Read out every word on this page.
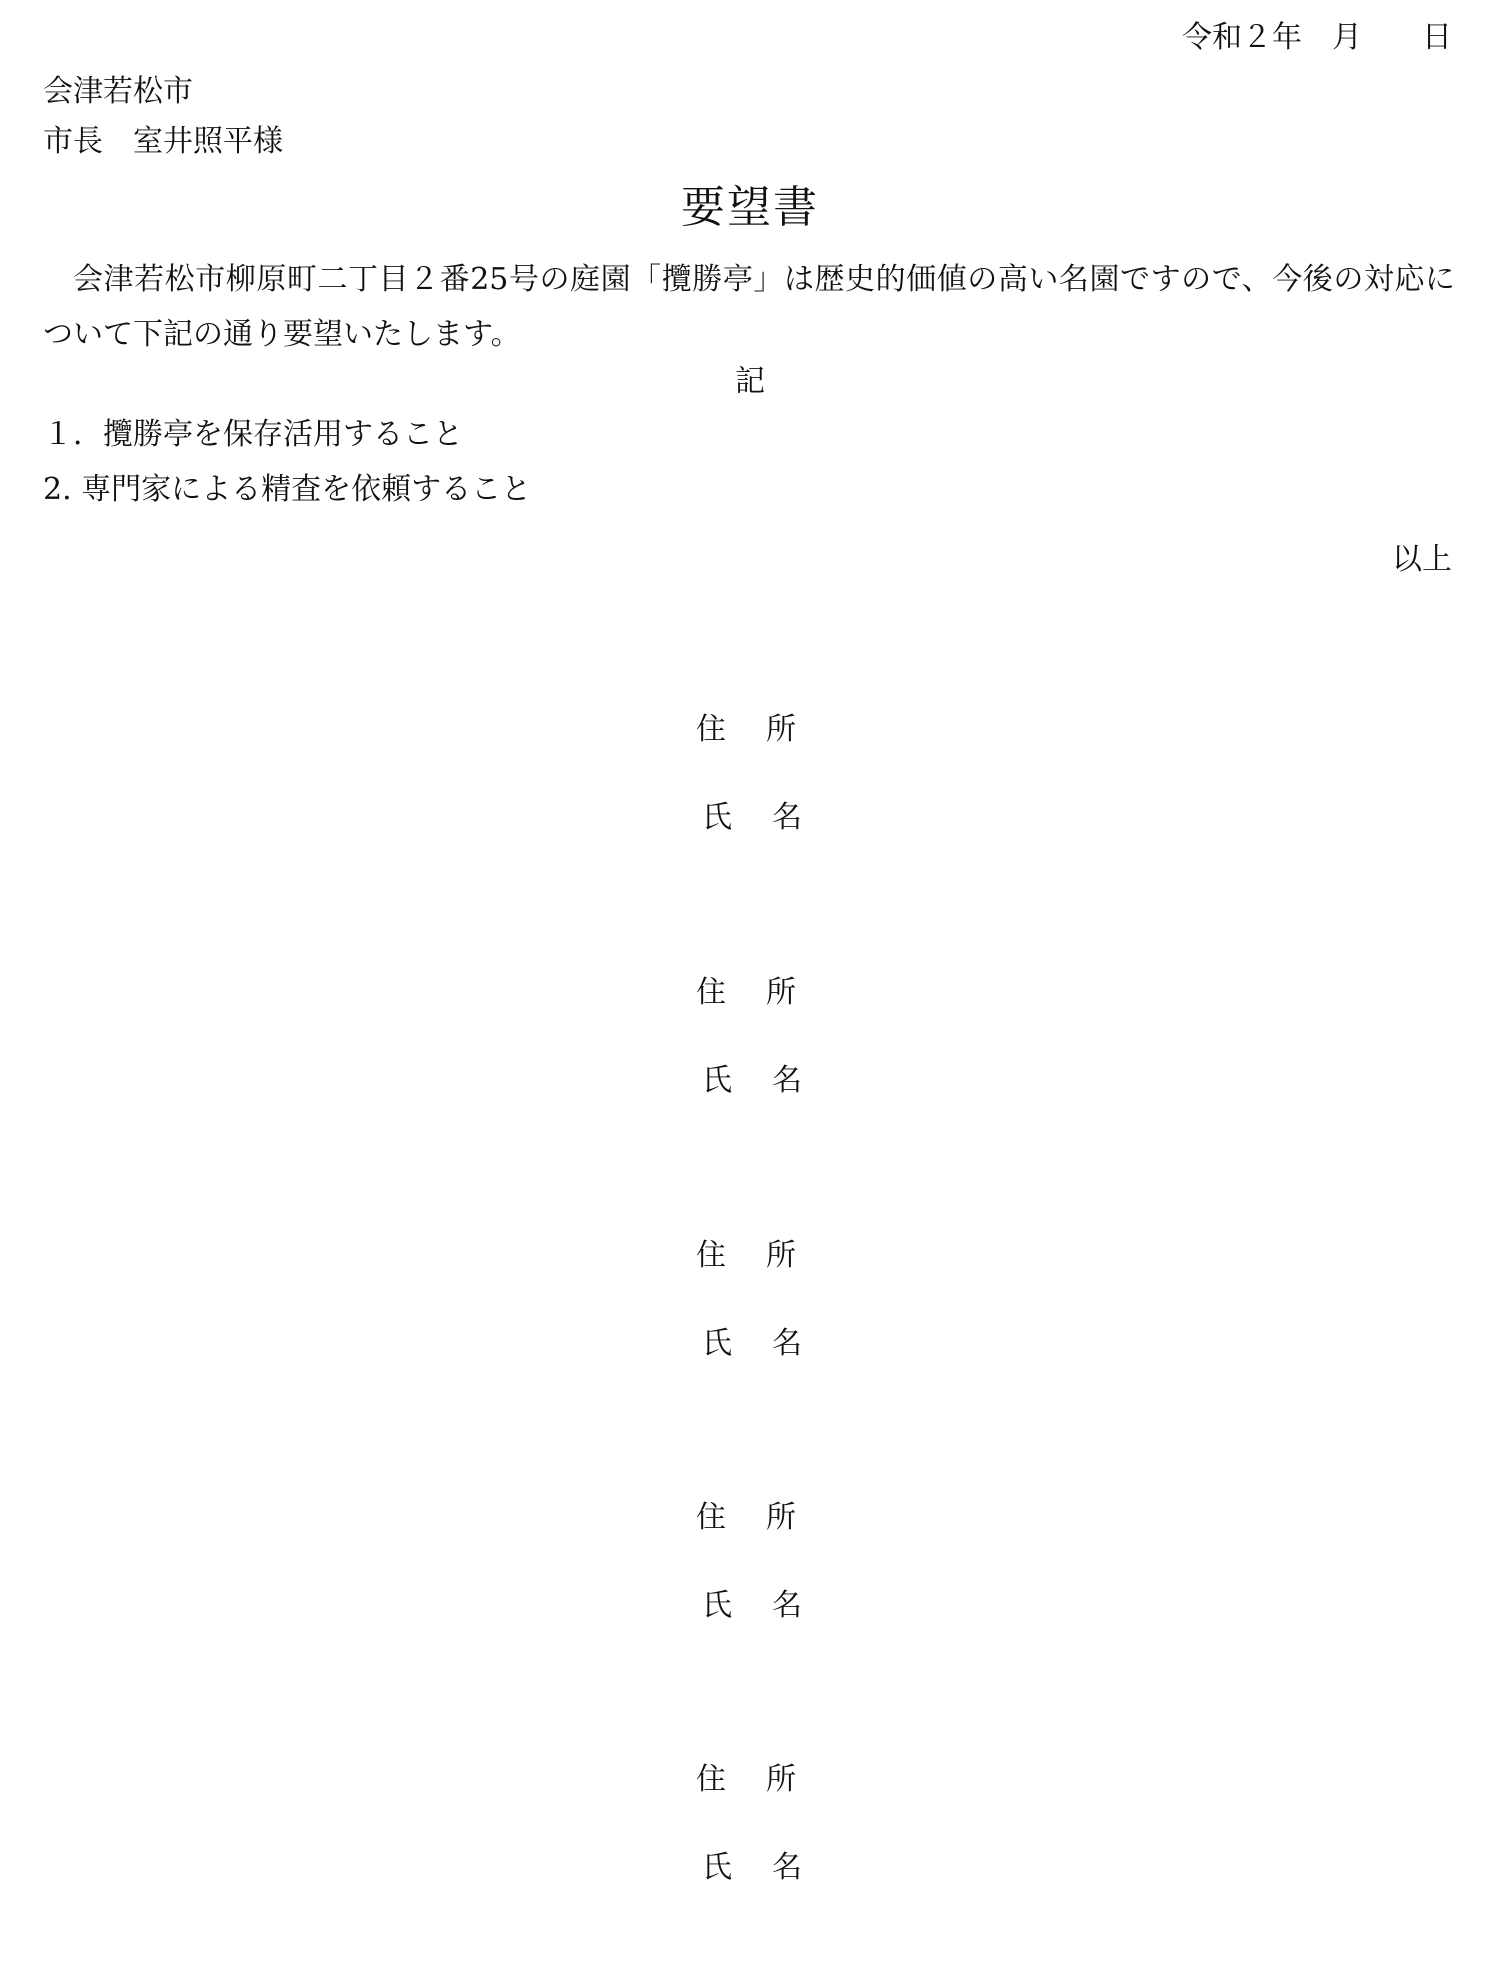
令和２年　月　　日
会津若松市
市長　室井照平様
要望書
会津若松市柳原町二丁目２番25号の庭園「攬勝亭」は歴史的価値の高い名園ですので、今後の対応について下記の通り要望いたします。
記
１．攬勝亭を保存活用すること
2. 専門家による精査を依頼すること
以上
住 所
氏 名
住 所
氏 名
住 所
氏 名
住 所
氏 名
住 所
氏 名
